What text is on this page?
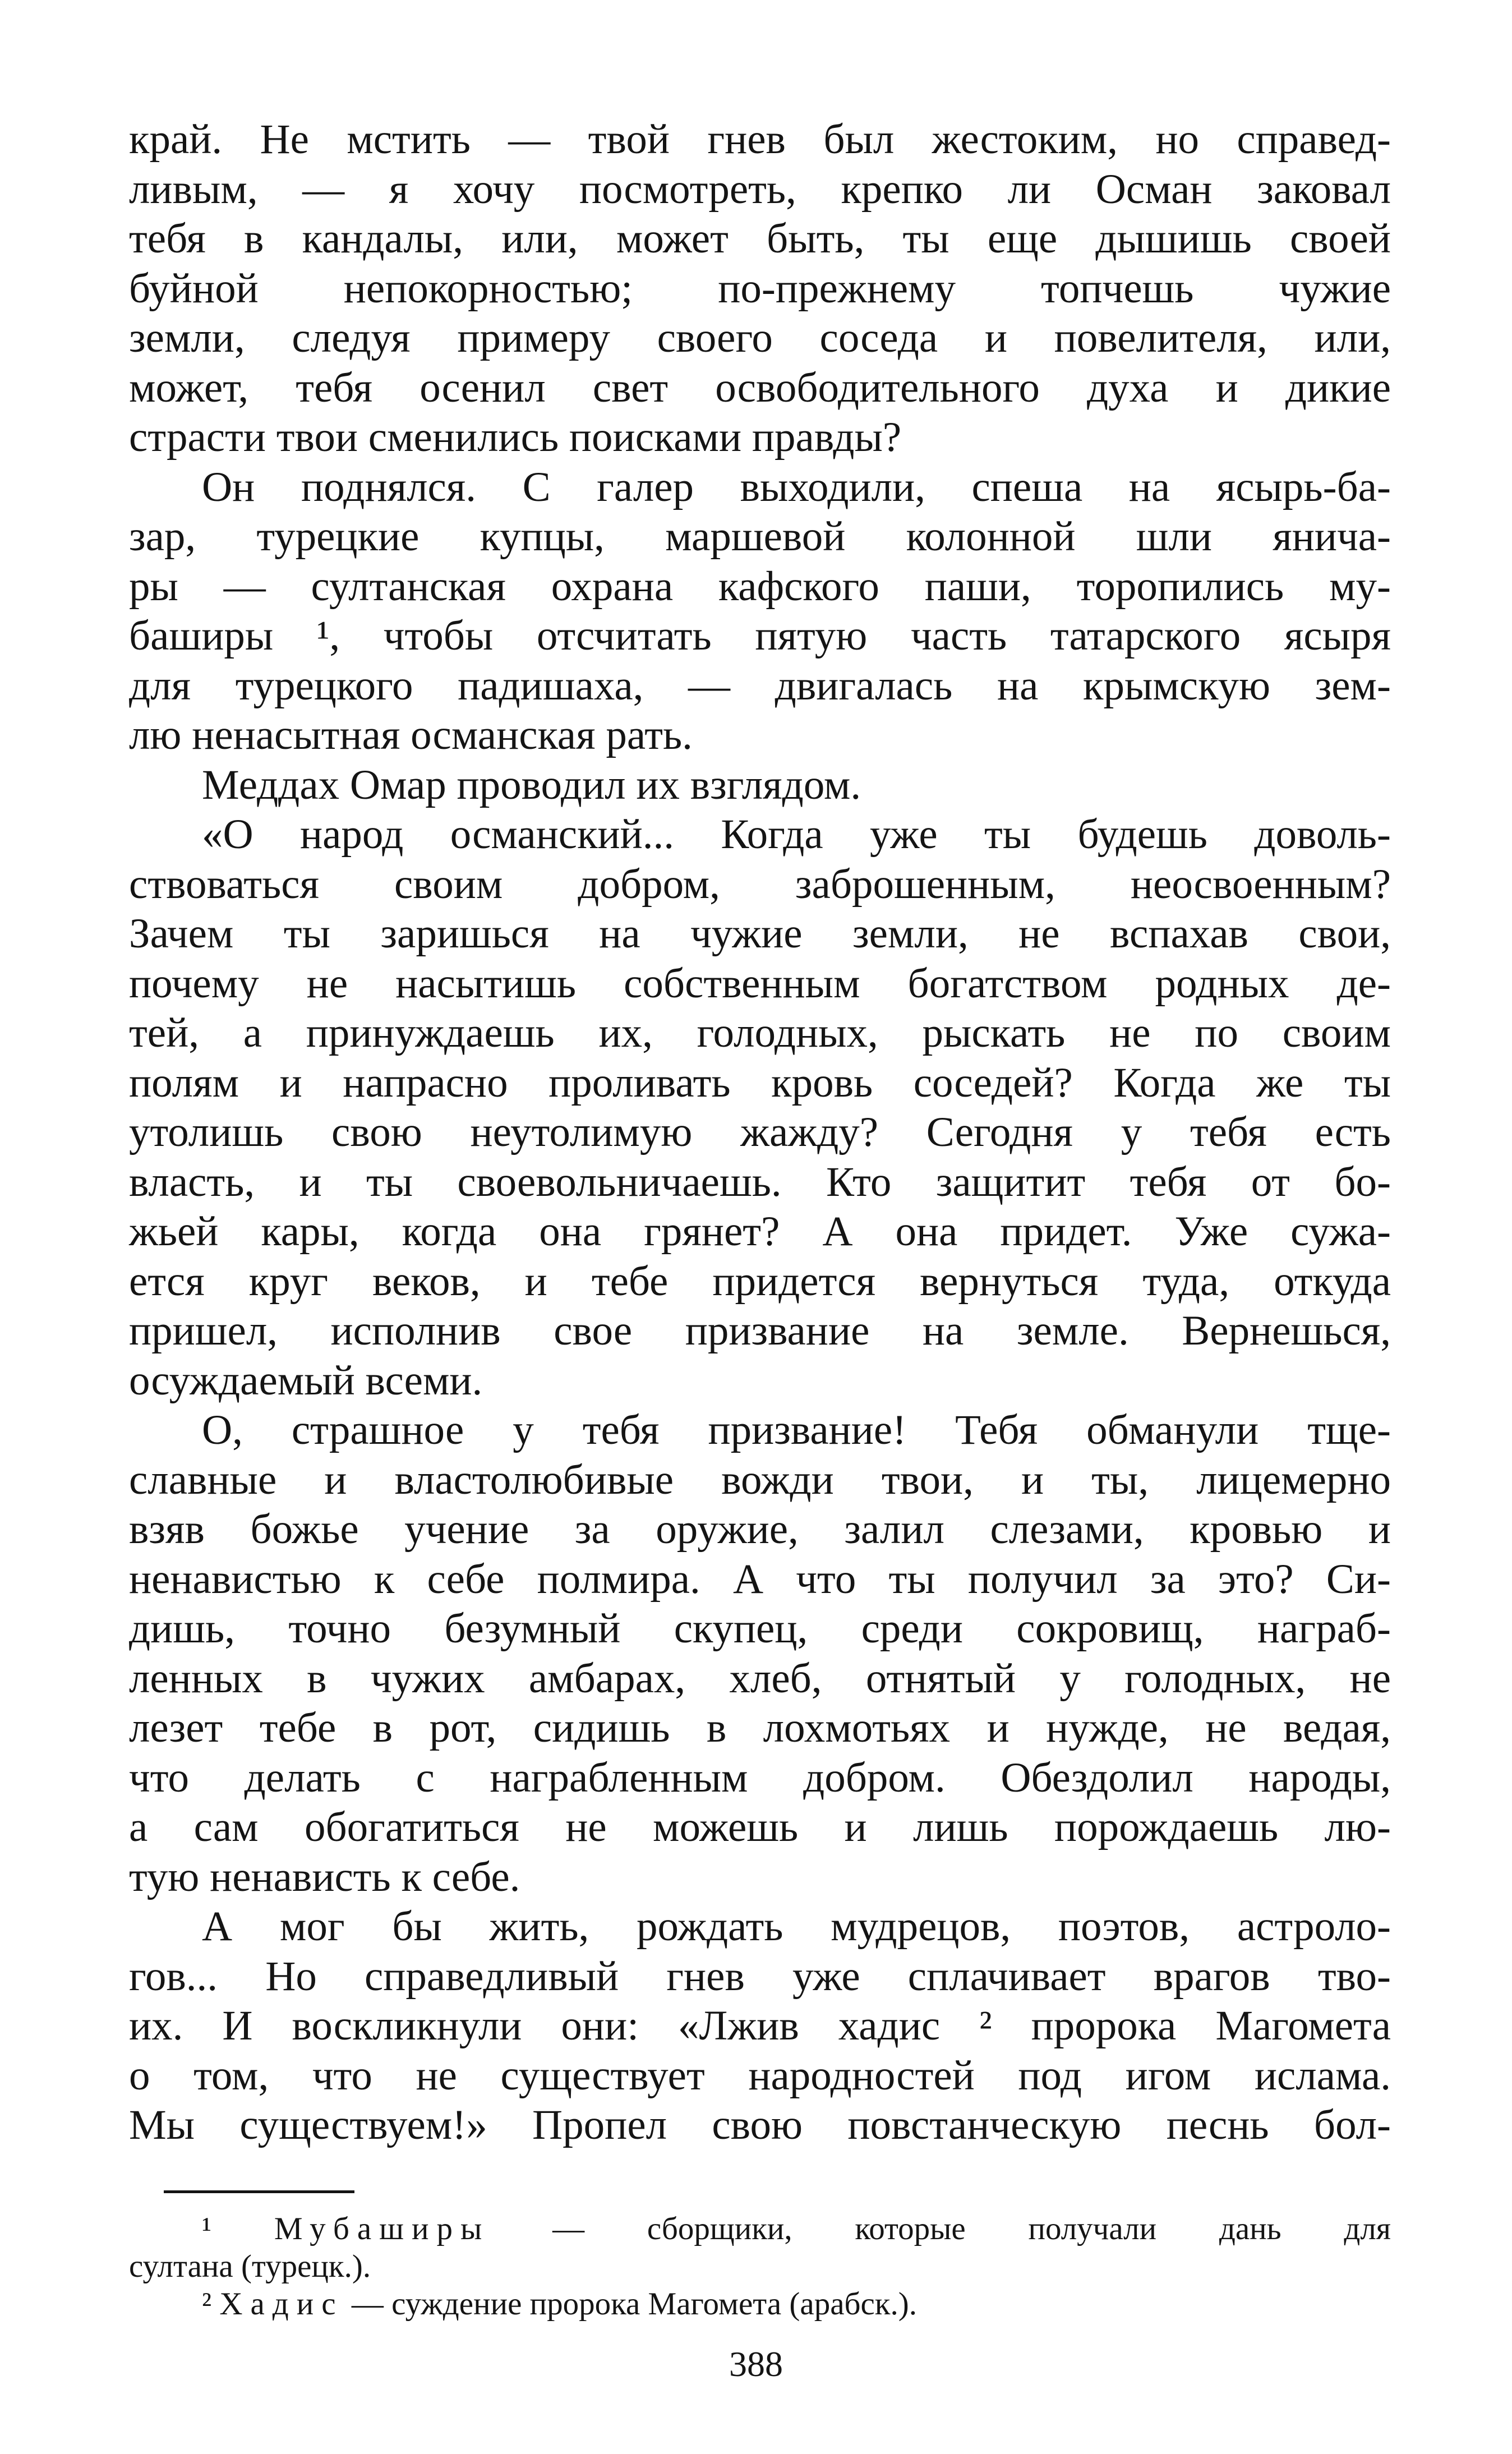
край. Не мстить — твой гнев был жестоким, но справед-
ливым, — я хочу посмотреть, крепко ли Осман заковал
тебя в кандалы, или, может быть, ты еще дышишь своей
буйной непокорностью; по-прежнему топчешь чужие
земли, следуя примеру своего соседа и повелителя, или,
может, тебя осенил свет освободительного духа и дикие
страсти твои сменились поисками правды?

Он поднялся. С галер выходили, спеша на ясырь-ба-
зар, турецкие купцы, маршевой колонной шли янича-
ры — султанская охрана кафского паши, торопились му-
баширы ¹, чтобы отсчитать пятую часть татарского ясыря
для турецкого падишаха, — двигалась на крымскую зем-
лю ненасытная османская рать.

Меддах Омар проводил их взглядом.

«О народ османский... Когда уже ты будешь доволь-
ствоваться своим добром, заброшенным, неосвоенным?
Зачем ты заришься на чужие земли, не вспахав свои,
почему не насытишь собственным богатством родных де-
тей, а принуждаешь их, голодных, рыскать не по своим
полям и напрасно проливать кровь соседей? Когда же ты
утолишь свою неутолимую жажду? Сегодня у тебя есть
власть, и ты своевольничаешь. Кто защитит тебя от бо-
жьей кары, когда она грянет? А она придет. Уже сужа-
ется круг веков, и тебе придется вернуться туда, откуда
пришел, исполнив свое призвание на земле. Вернешься,
осуждаемый всеми.

О, страшное у тебя призвание! Тебя обманули тще-
славные и властолюбивые вожди твои, и ты, лицемерно
взяв божье учение за оружие, залил слезами, кровью и
ненавистью к себе полмира. А что ты получил за это? Си-
дишь, точно безумный скупец, среди сокровищ, награб-
ленных в чужих амбарах, хлеб, отнятый у голодных, не
лезет тебе в рот, сидишь в лохмотьях и нужде, не ведая,
что делать с награбленным добром. Обездолил народы,
а сам обогатиться не можешь и лишь порождаешь лю-
тую ненависть к себе.

А мог бы жить, рождать мудрецов, поэтов, астроло-
гов... Но справедливый гнев уже сплачивает врагов тво-
их. И воскликнули они: «Лжив хадис ² пророка Магомета
о том, что не существует народностей под игом ислама.
Мы существуем!» Пропел свою повстанческую песнь бол-

¹ Мубаширы — сборщики, которые получали дань для
султана (турецк.).
² Хадис — суждение пророка Магомета (арабск.).
388
